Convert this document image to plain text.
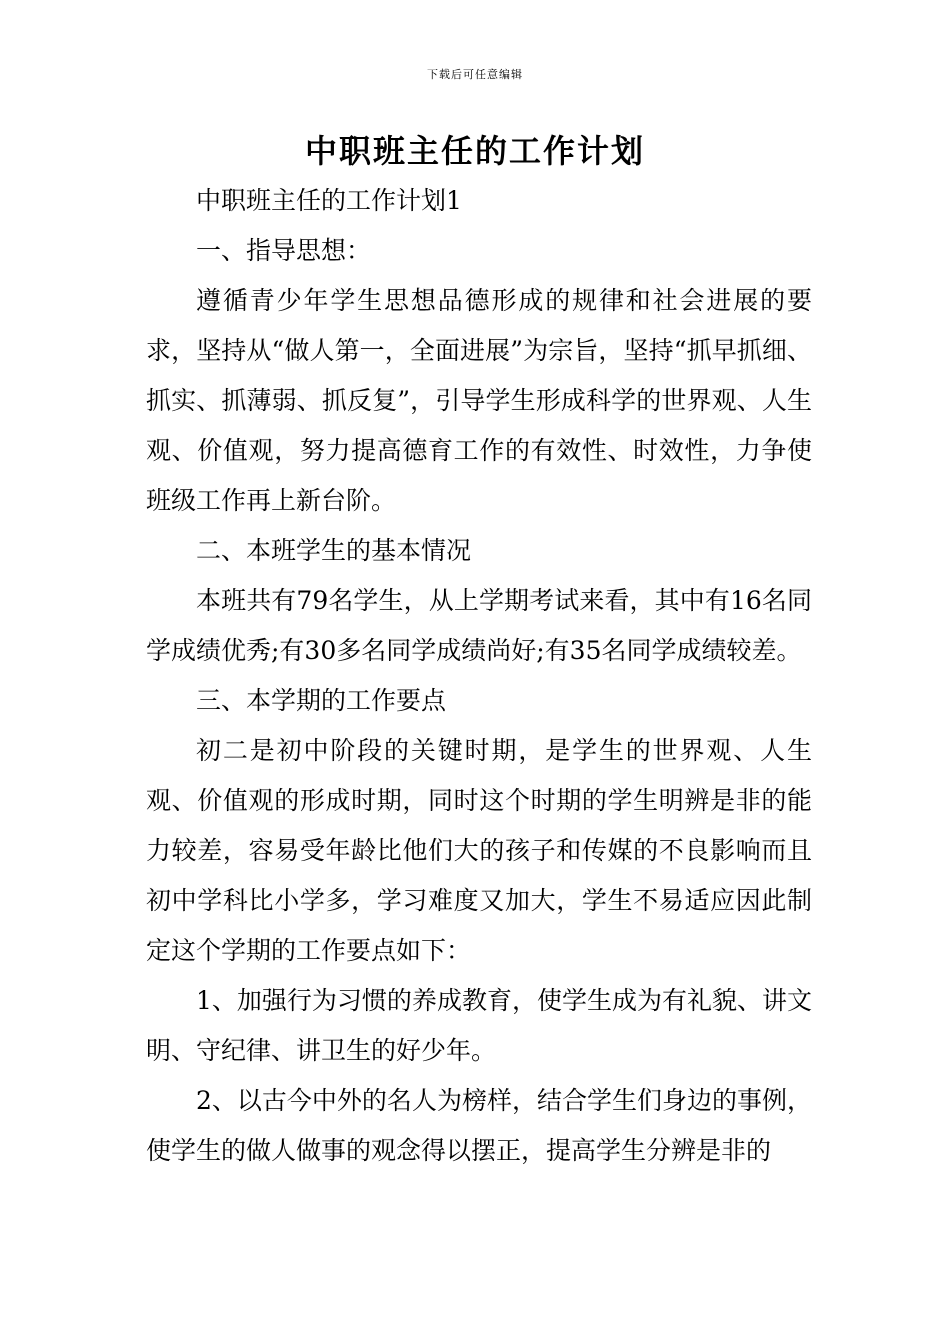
下载后可任意编辑
中职班主任的工作计划

中职班主任的工作计划1

一、指导思想：

遵循青少年学生思想品德形成的规律和社会进展的要求，坚持从“做人第一，全面进展”为宗旨，坚持“抓早抓细、抓实、抓薄弱、抓反复”，引导学生形成科学的世界观、人生观、价值观，努力提高德育工作的有效性、时效性，力争使班级工作再上新台阶。

二、本班学生的基本情况

本班共有79名学生，从上学期考试来看，其中有16名同学成绩优秀;有30多名同学成绩尚好;有35名同学成绩较差。

三、本学期的工作要点

初二是初中阶段的关键时期，是学生的世界观、人生观、价值观的形成时期，同时这个时期的学生明辨是非的能力较差，容易受年龄比他们大的孩子和传媒的不良影响而且初中学科比小学多，学习难度又加大，学生不易适应因此制定这个学期的工作要点如下：

1、加强行为习惯的养成教育，使学生成为有礼貌、讲文明、守纪律、讲卫生的好少年。

2、以古今中外的名人为榜样，结合学生们身边的事例，使学生的做人做事的观念得以摆正，提高学生分辨是非的
